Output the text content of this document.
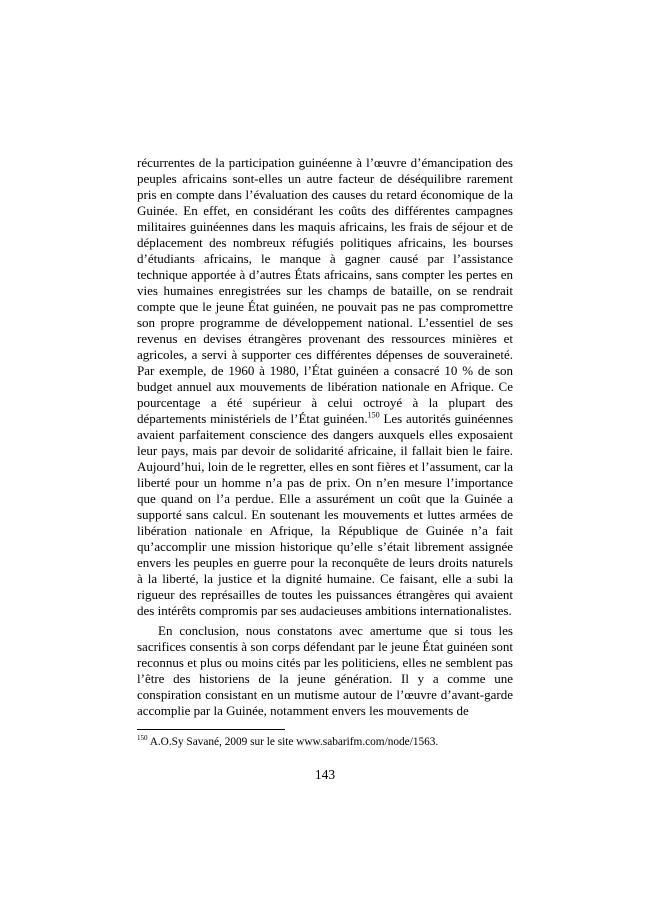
récurrentes de la participation guinéenne à l’œuvre d’émancipation des peuples africains sont-elles un autre facteur de déséquilibre rarement pris en compte dans l’évaluation des causes du retard économique de la Guinée. En effet, en considérant les coûts des différentes campagnes militaires guinéennes dans les maquis africains, les frais de séjour et de déplacement des nombreux réfugiés politiques africains, les bourses d’étudiants africains, le manque à gagner causé par l’assistance technique apportée à d’autres États africains, sans compter les pertes en vies humaines enregistrées sur les champs de bataille, on se rendrait compte que le jeune État guinéen, ne pouvait pas ne pas compromettre son propre programme de développement national. L’essentiel de ses revenus en devises étrangères provenant des ressources minières et agricoles, a servi à supporter ces différentes dépenses de souveraineté. Par exemple, de 1960 à 1980, l’État guinéen a consacré 10 % de son budget annuel aux mouvements de libération nationale en Afrique. Ce pourcentage a été supérieur à celui octroyé à la plupart des départements ministériels de l’État guinéen.$^{150}$ Les autorités guinéennes avaient parfaitement conscience des dangers auxquels elles exposaient leur pays, mais par devoir de solidarité africaine, il fallait bien le faire. Aujourd’hui, loin de le regretter, elles en sont fières et l’assument, car la liberté pour un homme n’a pas de prix. On n’en mesure l’importance que quand on l’a perdue. Elle a assurément un coût que la Guinée a supporté sans calcul. En soutenant les mouvements et luttes armées de libération nationale en Afrique, la République de Guinée n’a fait qu’accomplir une mission historique qu’elle s’était librement assignée envers les peuples en guerre pour la reconquête de leurs droits naturels à la liberté, la justice et la dignité humaine. Ce faisant, elle a subi la rigueur des représailles de toutes les puissances étrangères qui avaient des intérêts compromis par ses audacieuses ambitions internationalistes.

En conclusion, nous constatons avec amertume que si tous les sacrifices consentis à son corps défendant par le jeune État guinéen sont reconnus et plus ou moins cités par les politiciens, elles ne semblent pas l’être des historiens de la jeune génération. Il y a comme une conspiration consistant en un mutisme autour de l’œuvre d’avant-garde accomplie par la Guinée, notamment envers les mouvements de

$^{150}$ A.O.Sy Savané, 2009 sur le site www.sabarifm.com/node/1563.

143
